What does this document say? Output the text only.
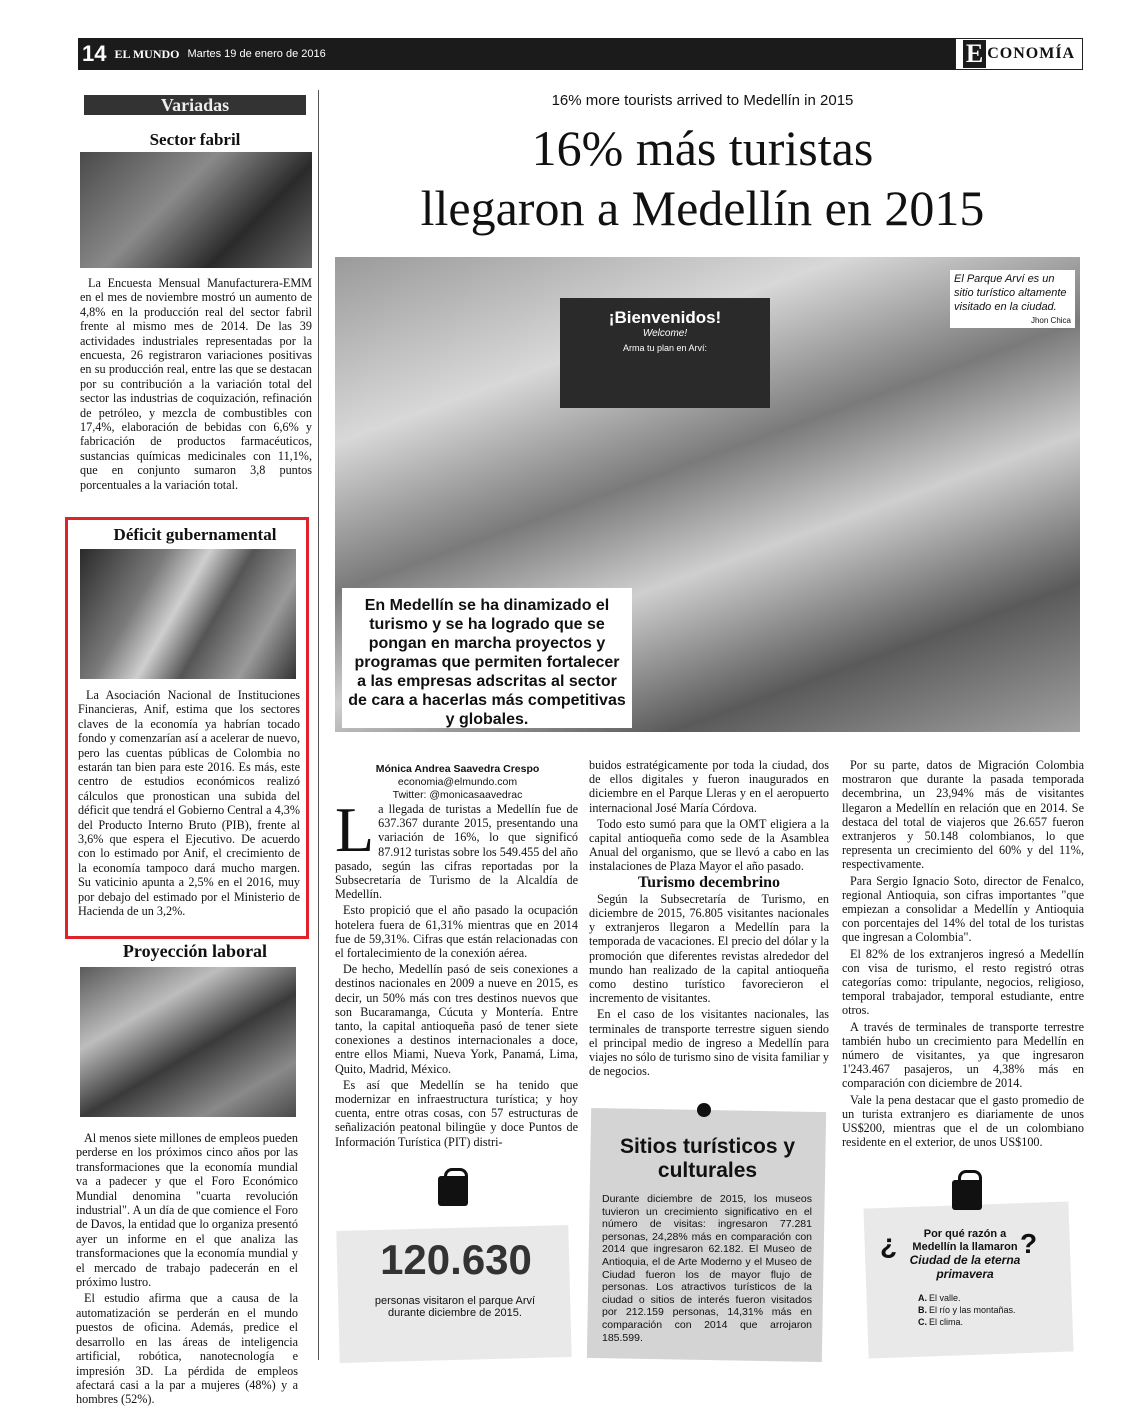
14 EL MUNDO Martes 19 de enero de 2016	E CONOMÍA
Variadas
Sector fabril

La Encuesta Mensual Manufacturera-EMM en el mes de noviembre mostró un aumento de 4,8% en la producción real del sector fabril frente al mismo mes de 2014. De las 39 actividades industriales representadas por la encuesta, 26 registraron variaciones positivas en su producción real, entre las que se destacan por su contribución a la variación total del sector las industrias de coquización, refinación de petróleo, y mezcla de combustibles con 17,4%, elaboración de bebidas con 6,6% y fabricación de productos farmacéuticos, sustancias químicas medicinales con 11,1%, que en conjunto sumaron 3,8 puntos porcentuales a la variación total.

Déficit gubernamental

La Asociación Nacional de Instituciones Financieras, Anif, estima que los sectores claves de la economía ya habrían tocado fondo y comenzarían así a acelerar de nuevo, pero las cuentas públicas de Colombia no estarán tan bien para este 2016. Es más, este centro de estudios económicos realizó cálculos que pronostican una subida del déficit que tendrá el Gobierno Central a 4,3% del Producto Interno Bruto (PIB), frente al 3,6% que espera el Ejecutivo. De acuerdo con lo estimado por Anif, el crecimiento de la economía tampoco dará mucho margen. Su vaticinio apunta a 2,5% en el 2016, muy por debajo del estimado por el Ministerio de Hacienda de un 3,2%.

Proyección laboral

Al menos siete millones de empleos pueden perderse en los próximos cinco años por las transformaciones que la economía mundial va a padecer y que el Foro Económico Mundial denomina "cuarta revolución industrial". A un día de que comience el Foro de Davos, la entidad que lo organiza presentó ayer un informe en el que analiza las transformaciones que la economía mundial y el mercado de trabajo padecerán en el próximo lustro.

El estudio afirma que a causa de la automatización se perderán en el mundo puestos de oficina. Además, predice el desarrollo en las áreas de inteligencia artificial, robótica, nanotecnología e impresión 3D. La pérdida de empleos afectará casi a la par a mujeres (48%) y a hombres (52%).

16% more tourists arrived to Medellín in 2015
16% más turistas
llegaron a Medellín en 2015
¡Bienvenidos!
Welcome!
Arma tu plan en Arví:
El Parque Arví es un sitio turístico altamente visitado en la ciudad.
Jhon Chica
En Medellín se ha dinamizado el turismo y se ha logrado que se pongan en marcha proyectos y programas que permiten fortalecer a las empresas adscritas al sector de cara a hacerlas más competitivas y globales.
Mónica Andrea Saavedra Crespo
economia@elmundo.com
Twitter: @monicasaavedrac

La llegada de turistas a Medellín fue de 637.367 durante 2015, presentando una variación de 16%, lo que significó 87.912 turistas sobre los 549.455 del año pasado, según las cifras reportadas por la Subsecretaría de Turismo de la Alcaldía de Medellín.

Esto propició que el año pasado la ocupación hotelera fuera de 61,31% mientras que en 2014 fue de 59,31%. Cifras que están relacionadas con el fortalecimiento de la conexión aérea.

De hecho, Medellín pasó de seis conexiones a destinos nacionales en 2009 a nueve en 2015, es decir, un 50% más con tres destinos nuevos que son Bucaramanga, Cúcuta y Montería. Entre tanto, la capital antioqueña pasó de tener siete conexiones a destinos internacionales a doce, entre ellos Miami, Nueva York, Panamá, Lima, Quito, Madrid, México.

Es así que Medellín se ha tenido que modernizar en infraestructura turística; y hoy cuenta, entre otras cosas, con 57 estructuras de señalización peatonal bilingüe y doce Puntos de Información Turística (PIT) distri-

buidos estratégicamente por toda la ciudad, dos de ellos digitales y fueron inaugurados en diciembre en el Parque Lleras y en el aeropuerto internacional José María Córdova.

Todo esto sumó para que la OMT eligiera a la capital antioqueña como sede de la Asamblea Anual del organismo, que se llevó a cabo en las instalaciones de Plaza Mayor el año pasado.

Turismo decembrino

Según la Subsecretaría de Turismo, en diciembre de 2015, 76.805 visitantes nacionales y extranjeros llegaron a Medellín para la temporada de vacaciones. El precio del dólar y la promoción que diferentes revistas alrededor del mundo han realizado de la capital antioqueña como destino turístico favorecieron el incremento de visitantes.

En el caso de los visitantes nacionales, las terminales de transporte terrestre siguen siendo el principal medio de ingreso a Medellín para viajes no sólo de turismo sino de visita familiar y de negocios.

Por su parte, datos de Migración Colombia mostraron que durante la pasada temporada decembrina, un 23,94% más de visitantes llegaron a Medellín en relación que en 2014. Se destaca del total de viajeros que 26.657 fueron extranjeros y 50.148 colombianos, lo que representa un crecimiento del 60% y del 11%, respectivamente.

Para Sergio Ignacio Soto, director de Fenalco, regional Antioquia, son cifras importantes "que empiezan a consolidar a Medellín y Antioquia con porcentajes del 14% del total de los turistas que ingresan a Colombia".

El 82% de los extranjeros ingresó a Medellín con visa de turismo, el resto registró otras categorías como: tripulante, negocios, religioso, temporal trabajador, temporal estudiante, entre otros.

A través de terminales de transporte terrestre también hubo un crecimiento para Medellín en número de visitantes, ya que ingresaron 1'243.467 pasajeros, un 4,38% más en comparación con diciembre de 2014.

Vale la pena destacar que el gasto promedio de un turista extranjero es diariamente de unos US$200, mientras que el de un colombiano residente en el exterior, de unos US$100.

120.630
personas visitaron el parque Arví durante diciembre de 2015.
Sitios turísticos y culturales
Durante diciembre de 2015, los museos tuvieron un crecimiento significativo en el número de visitas: ingresaron 77.281 personas, 24,28% más en comparación con 2014 que ingresaron 62.182. El Museo de Antioquia, el de Arte Moderno y el Museo de Ciudad fueron los de mayor flujo de personas. Los atractivos turísticos de la ciudad o sitios de interés fueron visitados por 212.159 personas, 14,31% más en comparación con 2014 que arrojaron 185.599.
¿	?
Por qué razón a Medellín la llamaron
Ciudad de la eterna primavera
A. El valle.
B. El río y las montañas.
C. El clima.
